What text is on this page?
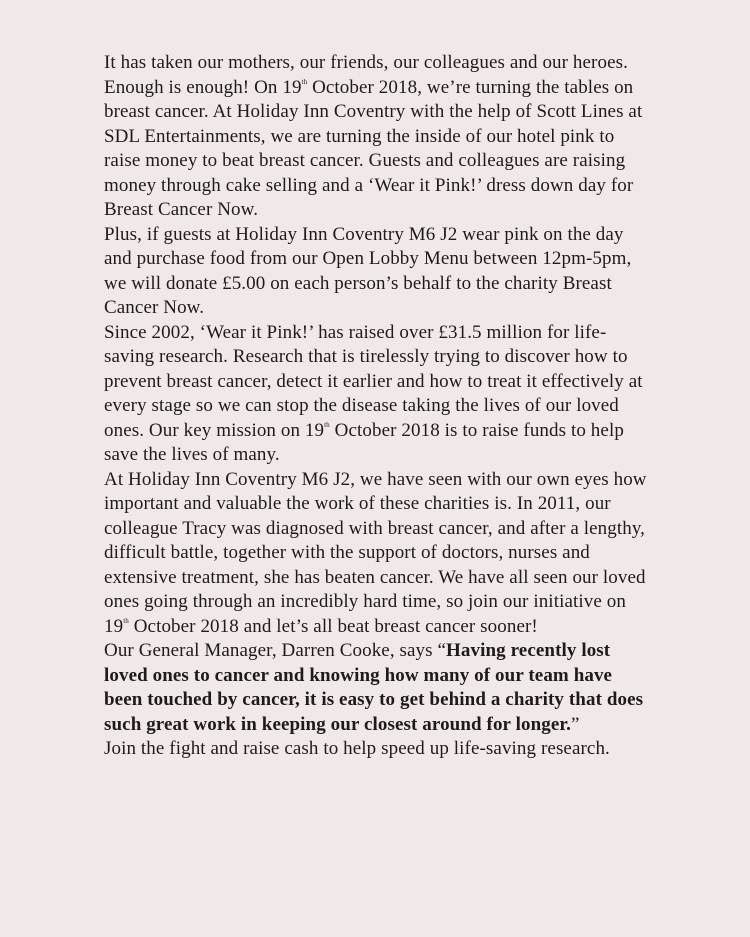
It has taken our mothers, our friends, our colleagues and our heroes. Enough is enough! On 19th October 2018, we’re turning the tables on breast cancer. At Holiday Inn Coventry with the help of Scott Lines at SDL Entertainments, we are turning the inside of our hotel pink to raise money to beat breast cancer. Guests and colleagues are raising money through cake selling and a ‘Wear it Pink!’ dress down day for Breast Cancer Now.

Plus, if guests at Holiday Inn Coventry M6 J2 wear pink on the day and purchase food from our Open Lobby Menu between 12pm-5pm, we will donate £5.00 on each person’s behalf to the charity Breast Cancer Now.

Since 2002, ‘Wear it Pink!’ has raised over £31.5 million for life-saving research. Research that is tirelessly trying to discover how to prevent breast cancer, detect it earlier and how to treat it effectively at every stage so we can stop the disease taking the lives of our loved ones. Our key mission on 19th October 2018 is to raise funds to help save the lives of many.

At Holiday Inn Coventry M6 J2, we have seen with our own eyes how important and valuable the work of these charities is. In 2011, our colleague Tracy was diagnosed with breast cancer, and after a lengthy, difficult battle, together with the support of doctors, nurses and extensive treatment, she has beaten cancer. We have all seen our loved ones going through an incredibly hard time, so join our initiative on 19th October 2018 and let’s all beat breast cancer sooner!

Our General Manager, Darren Cooke, says “Having recently lost loved ones to cancer and knowing how many of our team have been touched by cancer, it is easy to get behind a charity that does such great work in keeping our closest around for longer.”

Join the fight and raise cash to help speed up life-saving research.
